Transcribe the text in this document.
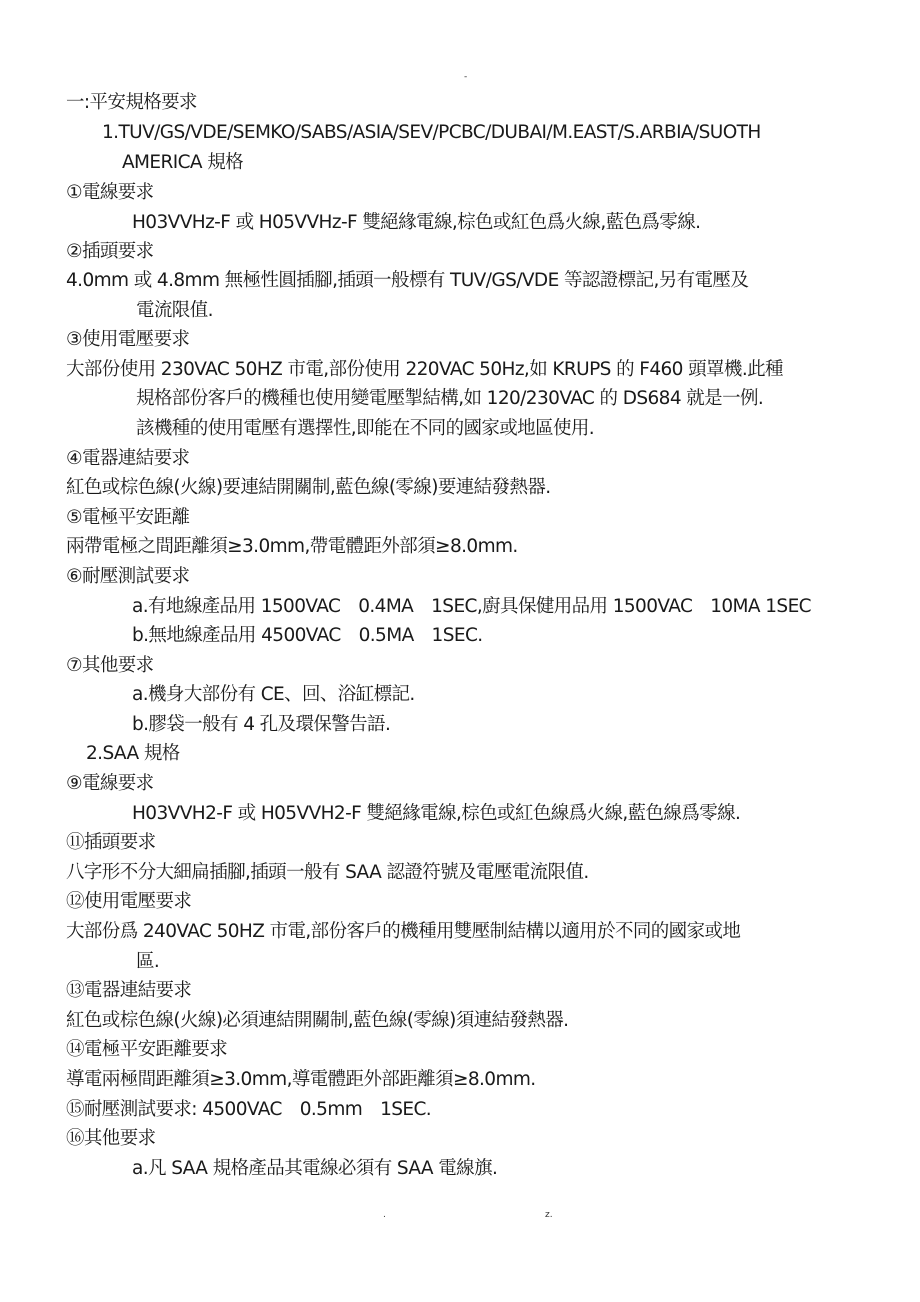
-
一:平安規格要求
1.TUV/GS/VDE/SEMKO/SABS/ASIA/SEV/PCBC/DUBAI/M.EAST/S.ARBIA/SUOTH
AMERICA 規格
①電線要求
H03VVHz-F 或 H05VVHz-F 雙絕緣電線,棕色或紅色爲火線,藍色爲零線.
②插頭要求
4.0mm 或 4.8mm 無極性圓插腳,插頭一般標有 TUV/GS/VDE 等認證標記,另有電壓及
電流限值.
③使用電壓要求
大部份使用 230VAC 50HZ 市電,部份使用 220VAC 50Hz,如 KRUPS 的 F460 頭罩機.此種
規格部份客戶的機種也使用變電壓掣結構,如 120/230VAC 的 DS684 就是一例.
該機種的使用電壓有選擇性,即能在不同的國家或地區使用.
④電器連結要求
紅色或棕色線(火線)要連結開關制,藍色線(零線)要連結發熱器.
⑤電極平安距離
兩帶電極之間距離須≥3.0mm,帶電體距外部須≥8.0mm.
⑥耐壓測試要求
a.有地線產品用 1500VAC　0.4MA　1SEC,廚具保健用品用 1500VAC　10MA 1SEC
b.無地線產品用 4500VAC　0.5MA　1SEC.
⑦其他要求
a.機身大部份有 CE、回、浴缸標記.
b.膠袋一般有 4 孔及環保警告語.
2.SAA 規格
⑨電線要求
H03VVH2-F 或 H05VVH2-F 雙絕緣電線,棕色或紅色線爲火線,藍色線爲零線.
⑪插頭要求
八字形不分大細扁插腳,插頭一般有 SAA 認證符號及電壓電流限值.
⑫使用電壓要求
大部份爲 240VAC 50HZ 市電,部份客戶的機種用雙壓制結構以適用於不同的國家或地
區.
⑬電器連結要求
紅色或棕色線(火線)必須連結開關制,藍色線(零線)須連結發熱器.
⑭電極平安距離要求
導電兩極間距離須≥3.0mm,導電體距外部距離須≥8.0mm.
⑮耐壓測試要求: 4500VAC　0.5mm　1SEC.
⑯其他要求
a.凡 SAA 規格產品其電線必須有 SAA 電線旗.
.	z.
